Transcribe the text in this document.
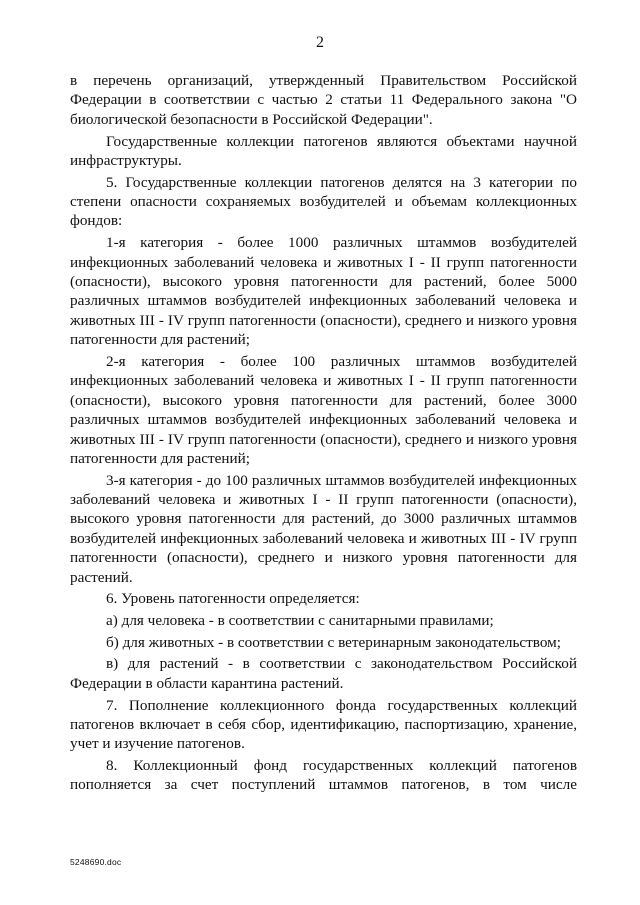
2

в перечень организаций, утвержденный Правительством Российской Федерации в соответствии с частью 2 статьи 11 Федерального закона "О биологической безопасности в Российской Федерации".

Государственные коллекции патогенов являются объектами научной инфраструктуры.

5. Государственные коллекции патогенов делятся на 3 категории по степени опасности сохраняемых возбудителей и объемам коллекционных фондов:

1-я категория - более 1000 различных штаммов возбудителей инфекционных заболеваний человека и животных I - II групп патогенности (опасности), высокого уровня патогенности для растений, более 5000 различных штаммов возбудителей инфекционных заболеваний человека и животных III - IV групп патогенности (опасности), среднего и низкого уровня патогенности для растений;

2-я категория - более 100 различных штаммов возбудителей инфекционных заболеваний человека и животных I - II групп патогенности (опасности), высокого уровня патогенности для растений, более 3000 различных штаммов возбудителей инфекционных заболеваний человека и животных III - IV групп патогенности (опасности), среднего и низкого уровня патогенности для растений;

3-я категория - до 100 различных штаммов возбудителей инфекционных заболеваний человека и животных I - II групп патогенности (опасности), высокого уровня патогенности для растений, до 3000 различных штаммов возбудителей инфекционных заболеваний человека и животных III - IV групп патогенности (опасности), среднего и низкого уровня патогенности для растений.

6. Уровень патогенности определяется:

а) для человека - в соответствии с санитарными правилами;

б) для животных - в соответствии с ветеринарным законодательством;

в) для растений - в соответствии с законодательством Российской Федерации в области карантина растений.

7. Пополнение коллекционного фонда государственных коллекций патогенов включает в себя сбор, идентификацию, паспортизацию, хранение, учет и изучение патогенов.

8. Коллекционный фонд государственных коллекций патогенов пополняется за счет поступлений штаммов патогенов, в том числе

5248690.doc
